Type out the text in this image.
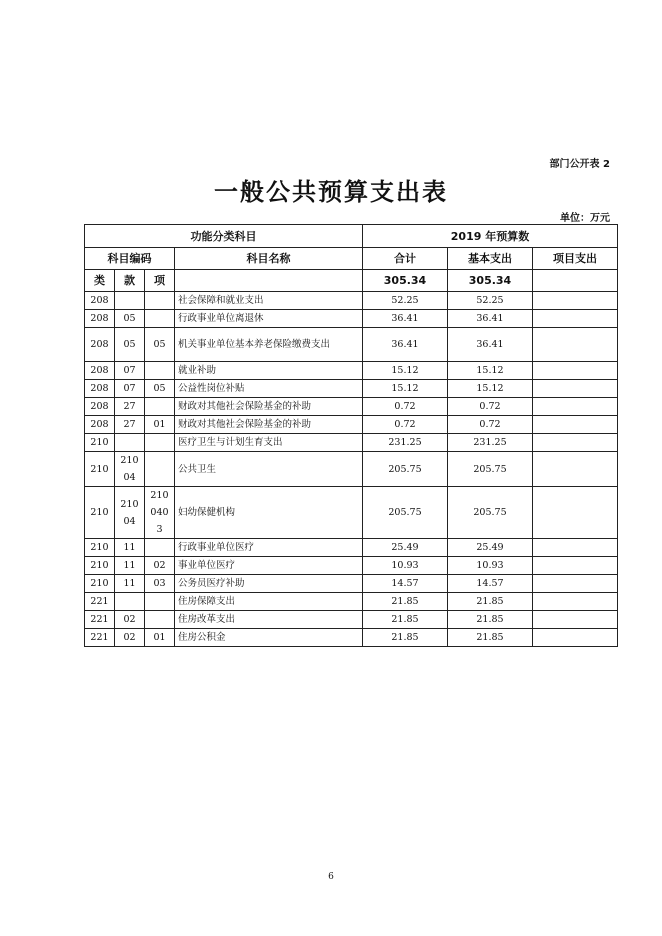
部门公开表 2
一般公共预算支出表
单位：万元
功能分类科目				2019 年预算数		
科目编码			科目名称	合计	基本支出	项目支出
类	款	项		305.34	305.34	
208			社会保障和就业支出	52.25	52.25	
208	05		行政事业单位离退休	36.41	36.41	
208	05	05	机关事业单位基本养老保险缴费支出	36.41	36.41	
208	07		就业补助	15.12	15.12	
208	07	05	公益性岗位补贴	15.12	15.12	
208	27		财政对其他社会保险基金的补助	0.72	0.72	
208	27	01	财政对其他社会保险基金的补助	0.72	0.72	
210			医疗卫生与计划生育支出	231.25	231.25	
210	21004		公共卫生	205.75	205.75	
210	21004	2100403	妇幼保健机构	205.75	205.75	
210	11		行政事业单位医疗	25.49	25.49	
210	11	02	事业单位医疗	10.93	10.93	
210	11	03	公务员医疗补助	14.57	14.57	
221			住房保障支出	21.85	21.85	
221	02		住房改革支出	21.85	21.85	
221	02	01	住房公积金	21.85	21.85	
6
